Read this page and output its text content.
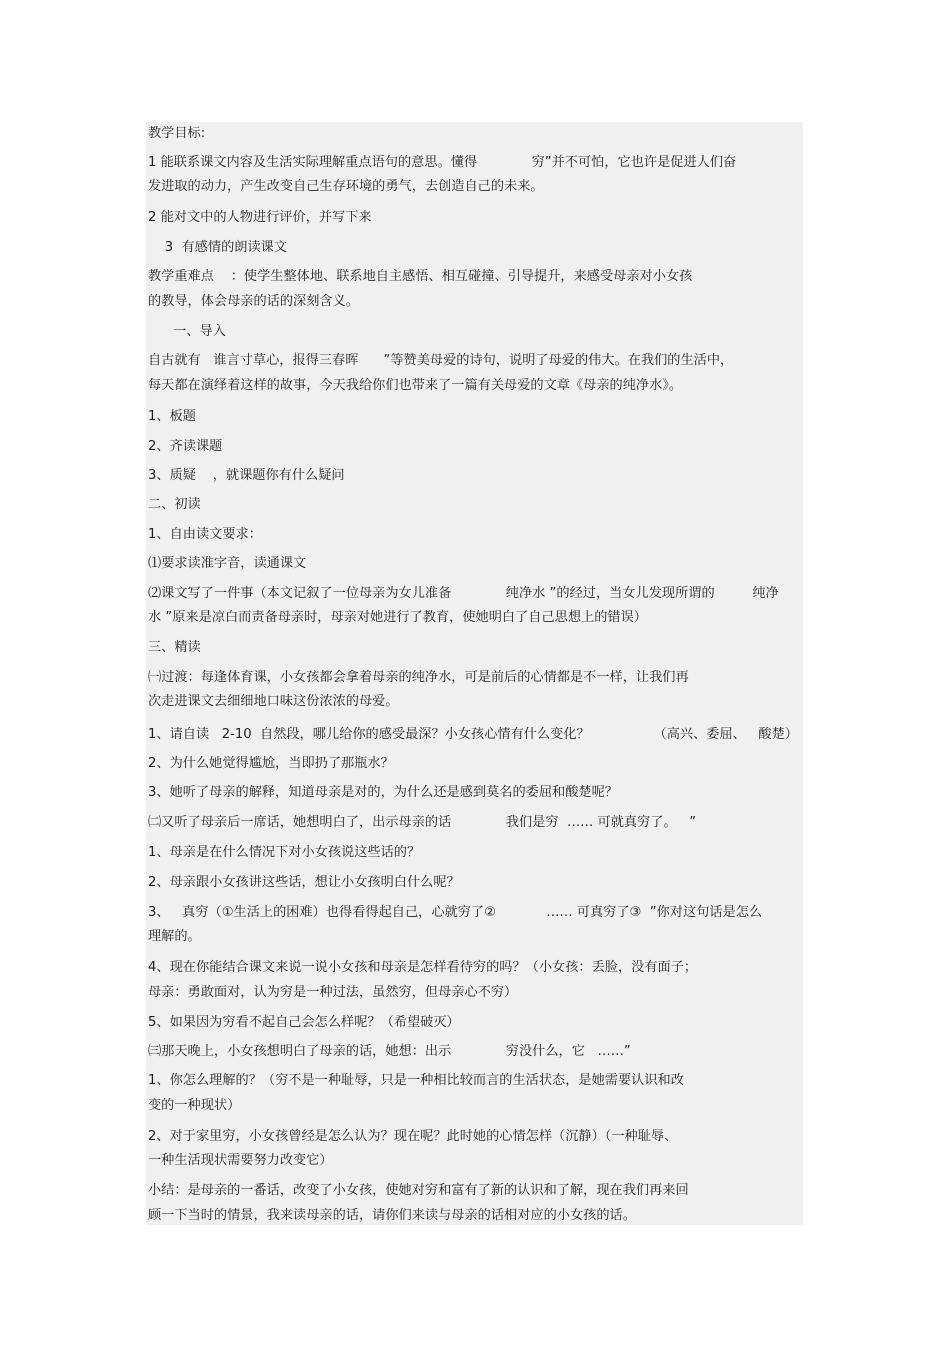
教学目标:
1 能联系课文内容及生活实际理解重点语句的意思。懂得             穷”并不可怕，它也许是促进人们奋
发进取的动力，产生改变自己生存环境的勇气，去创造自己的未来。
2 能对文中的人物进行评价，并写下来
3  有感情的朗读课文
教学重难点    ：使学生整体地、联系地自主感悟、相互碰撞、引导提升，来感受母亲对小女孩
的教导，体会母亲的话的深刻含义。
一、导入
自古就有   谁言寸草心，报得三春晖      ”等赞美母爱的诗句，说明了母爱的伟大。在我们的生活中，
每天都在演绎着这样的故事，今天我给你们也带来了一篇有关母爱的文章《母亲的纯净水》。
1、板题
2、齐读课题
3、质疑    ，就课题你有什么疑问
二、初读
1、自由读文要求：
⑴要求读准字音，读通课文
⑵课文写了一件事（本文记叙了一位母亲为女儿准备             纯净水 ”的经过，当女儿发现所谓的         纯净
水 ”原来是凉白而责备母亲时，母亲对她进行了教育，使她明白了自己思想上的错误）
三、精读
㈠过渡：每逢体育课，小女孩都会拿着母亲的纯净水，可是前后的心情都是不一样，让我们再
次走进课文去细细地口味这份浓浓的母爱。
1、请自读   2-10  自然段，哪儿给你的感受最深？小女孩心情有什么变化？	（高兴、委屈、   酸楚）
2、为什么她觉得尴尬，当即扔了那瓶水？
3、她听了母亲的解释，知道母亲是对的，为什么还是感到莫名的委屈和酸楚呢？
㈡又听了母亲后一席话，她想明白了，出示母亲的话             我们是穷  …… 可就真穷了。   ”
1、母亲是在什么情况下对小女孩说这些话的？
2、母亲跟小女孩讲这些话，想让小女孩明白什么呢？
3、   真穷（①生活上的困难）也得看得起自己，心就穷了②            …… 可真穷了③  ”你对这句话是怎么
理解的。
4、现在你能结合课文来说一说小女孩和母亲是怎样看待穷的吗？（小女孩：丢脸，没有面子；
母亲：勇敢面对，认为穷是一种过法，虽然穷，但母亲心不穷）
5、如果因为穷看不起自己会怎么样呢？（希望破灭）
㈢那天晚上，小女孩想明白了母亲的话，她想：出示             穷没什么，它   ……”
1、你怎么理解的？（穷不是一种耻辱，只是一种相比较而言的生活状态，是她需要认识和改
变的一种现状）
2、对于家里穷，小女孩曾经是怎么认为？现在呢？此时她的心情怎样（沉静）（一种耻辱、
一种生活现状需要努力改变它）
小结：是母亲的一番话，改变了小女孩，使她对穷和富有了新的认识和了解，现在我们再来回
顾一下当时的情景，我来读母亲的话，请你们来读与母亲的话相对应的小女孩的话。
